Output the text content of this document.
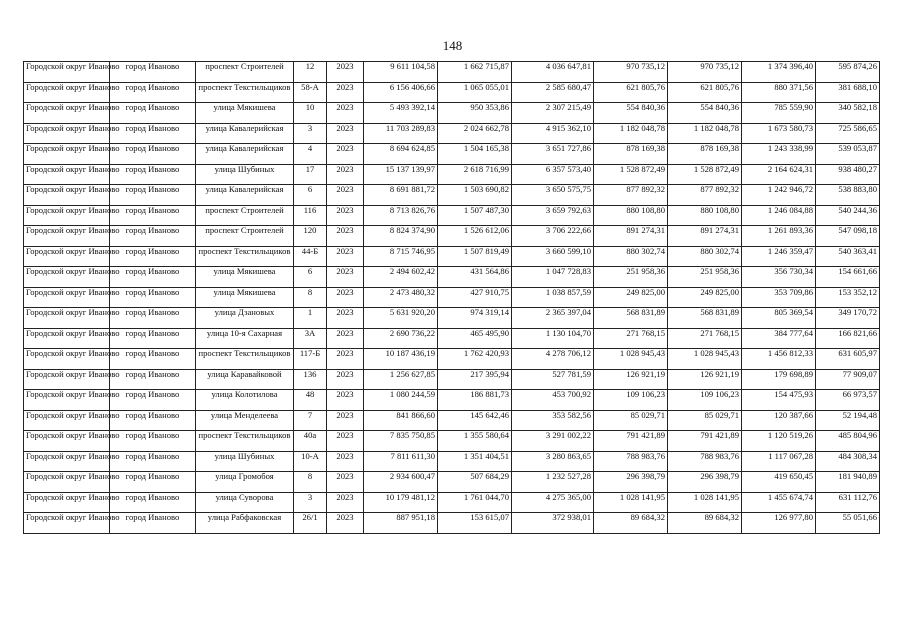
148
Городской округ Иваново	город Иваново	проспект Строителей	12	2023	9 611 104,58	1 662 715,87	4 036 647,81	970 735,12	970 735,12	1 374 396,40	595 874,26
Городской округ Иваново	город Иваново	проспект Текстильщиков	58-А	2023	6 156 406,66	1 065 055,01	2 585 680,47	621 805,76	621 805,76	880 371,56	381 688,10
Городской округ Иваново	город Иваново	улица Мякишева	10	2023	5 493 392,14	950 353,86	2 307 215,49	554 840,36	554 840,36	785 559,90	340 582,18
Городской округ Иваново	город Иваново	улица Кавалерийская	3	2023	11 703 289,83	2 024 662,78	4 915 362,10	1 182 048,78	1 182 048,78	1 673 580,73	725 586,65
Городской округ Иваново	город Иваново	улица Кавалерийская	4	2023	8 694 624,85	1 504 165,38	3 651 727,86	878 169,38	878 169,38	1 243 338,99	539 053,87
Городской округ Иваново	город Иваново	улица Шубиных	17	2023	15 137 139,97	2 618 716,99	6 357 573,40	1 528 872,49	1 528 872,49	2 164 624,31	938 480,27
Городской округ Иваново	город Иваново	улица Кавалерийская	6	2023	8 691 881,72	1 503 690,82	3 650 575,75	877 892,32	877 892,32	1 242 946,72	538 883,80
Городской округ Иваново	город Иваново	проспект Строителей	116	2023	8 713 826,76	1 507 487,30	3 659 792,63	880 108,80	880 108,80	1 246 084,88	540 244,36
Городской округ Иваново	город Иваново	проспект Строителей	120	2023	8 824 374,90	1 526 612,06	3 706 222,66	891 274,31	891 274,31	1 261 893,36	547 098,18
Городской округ Иваново	город Иваново	проспект Текстильщиков	44-Б	2023	8 715 746,95	1 507 819,49	3 660 599,10	880 302,74	880 302,74	1 246 359,47	540 363,41
Городской округ Иваново	город Иваново	улица Мякишева	6	2023	2 494 602,42	431 564,86	1 047 728,83	251 958,36	251 958,36	356 730,34	154 661,66
Городской округ Иваново	город Иваново	улица Мякишева	8	2023	2 473 480,32	427 910,75	1 038 857,59	249 825,00	249 825,00	353 709,86	153 352,12
Городской округ Иваново	город Иваново	улица Дзановых	1	2023	5 631 920,20	974 319,14	2 365 397,04	568 831,89	568 831,89	805 369,54	349 170,72
Городской округ Иваново	город Иваново	улица 10-я Сахарная	3А	2023	2 690 736,22	465 495,90	1 130 104,70	271 768,15	271 768,15	384 777,64	166 821,66
Городской округ Иваново	город Иваново	проспект Текстильщиков	117-Б	2023	10 187 436,19	1 762 420,93	4 278 706,12	1 028 945,43	1 028 945,43	1 456 812,33	631 605,97
Городской округ Иваново	город Иваново	улица Каравайковой	136	2023	1 256 627,85	217 395,94	527 781,59	126 921,19	126 921,19	179 698,89	77 909,07
Городской округ Иваново	город Иваново	улица Колотилова	48	2023	1 080 244,59	186 881,73	453 700,92	109 106,23	109 106,23	154 475,93	66 973,57
Городской округ Иваново	город Иваново	улица Менделеева	7	2023	841 866,60	145 642,46	353 582,56	85 029,71	85 029,71	120 387,66	52 194,48
Городской округ Иваново	город Иваново	проспект Текстильщиков	40а	2023	7 835 750,85	1 355 580,64	3 291 002,22	791 421,89	791 421,89	1 120 519,26	485 804,96
Городской округ Иваново	город Иваново	улица Шубиных	10-А	2023	7 811 611,30	1 351 404,51	3 280 863,65	788 983,76	788 983,76	1 117 067,28	484 308,34
Городской округ Иваново	город Иваново	улица Громобоя	8	2023	2 934 600,47	507 684,29	1 232 527,28	296 398,79	296 398,79	419 650,45	181 940,89
Городской округ Иваново	город Иваново	улица Суворова	3	2023	10 179 481,12	1 761 044,70	4 275 365,00	1 028 141,95	1 028 141,95	1 455 674,74	631 112,76
Городской округ Иваново	город Иваново	улица Рабфаковская	26/1	2023	887 951,18	153 615,07	372 938,01	89 684,32	89 684,32	126 977,80	55 051,66
